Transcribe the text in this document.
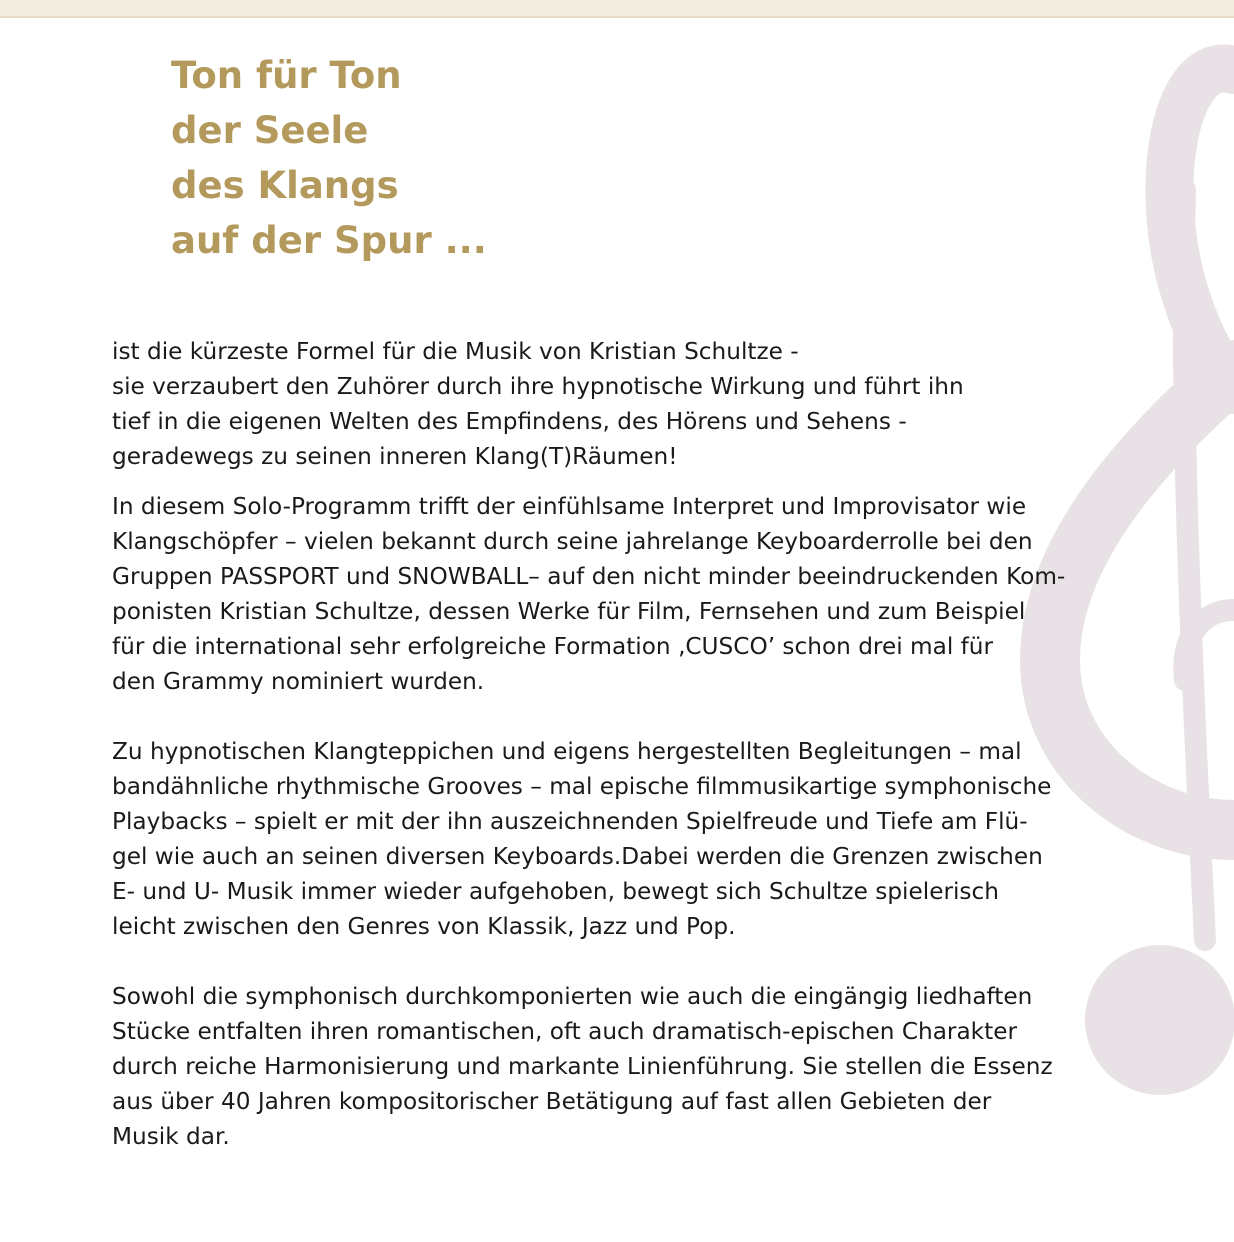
Ton für Ton
der Seele
des Klangs
auf der Spur ...

ist die kürzeste Formel für die Musik von Kristian Schultze -
sie verzaubert den Zuhörer durch ihre hypnotische Wirkung und führt ihn
tief in die eigenen Welten des Empfindens, des Hörens und Sehens -
geradewegs zu seinen inneren Klang(T)Räumen!

In diesem Solo-Programm trifft der einfühlsame Interpret und Improvisator wie
Klangschöpfer – vielen bekannt durch seine jahrelange Keyboarderrolle bei den
Gruppen PASSPORT und SNOWBALL– auf den nicht minder beeindruckenden Kom-
ponisten Kristian Schultze, dessen Werke für Film, Fernsehen und zum Beispiel
für die international sehr erfolgreiche Formation ‚CUSCO’ schon drei mal für
den Grammy nominiert wurden.

Zu hypnotischen Klangteppichen und eigens hergestellten Begleitungen – mal
bandähnliche rhythmische Grooves – mal epische filmmusikartige symphonische
Playbacks – spielt er mit der ihn auszeichnenden Spielfreude und Tiefe am Flü-
gel wie auch an seinen diversen Keyboards.Dabei werden die Grenzen zwischen
E- und U- Musik immer wieder aufgehoben, bewegt sich Schultze spielerisch
leicht zwischen den Genres von Klassik, Jazz und Pop.

Sowohl die symphonisch durchkomponierten wie auch die eingängig liedhaften
Stücke entfalten ihren romantischen, oft auch dramatisch-epischen Charakter
durch reiche Harmonisierung und markante Linienführung. Sie stellen die Essenz
aus über 40 Jahren kompositorischer Betätigung auf fast allen Gebieten der
Musik dar.
